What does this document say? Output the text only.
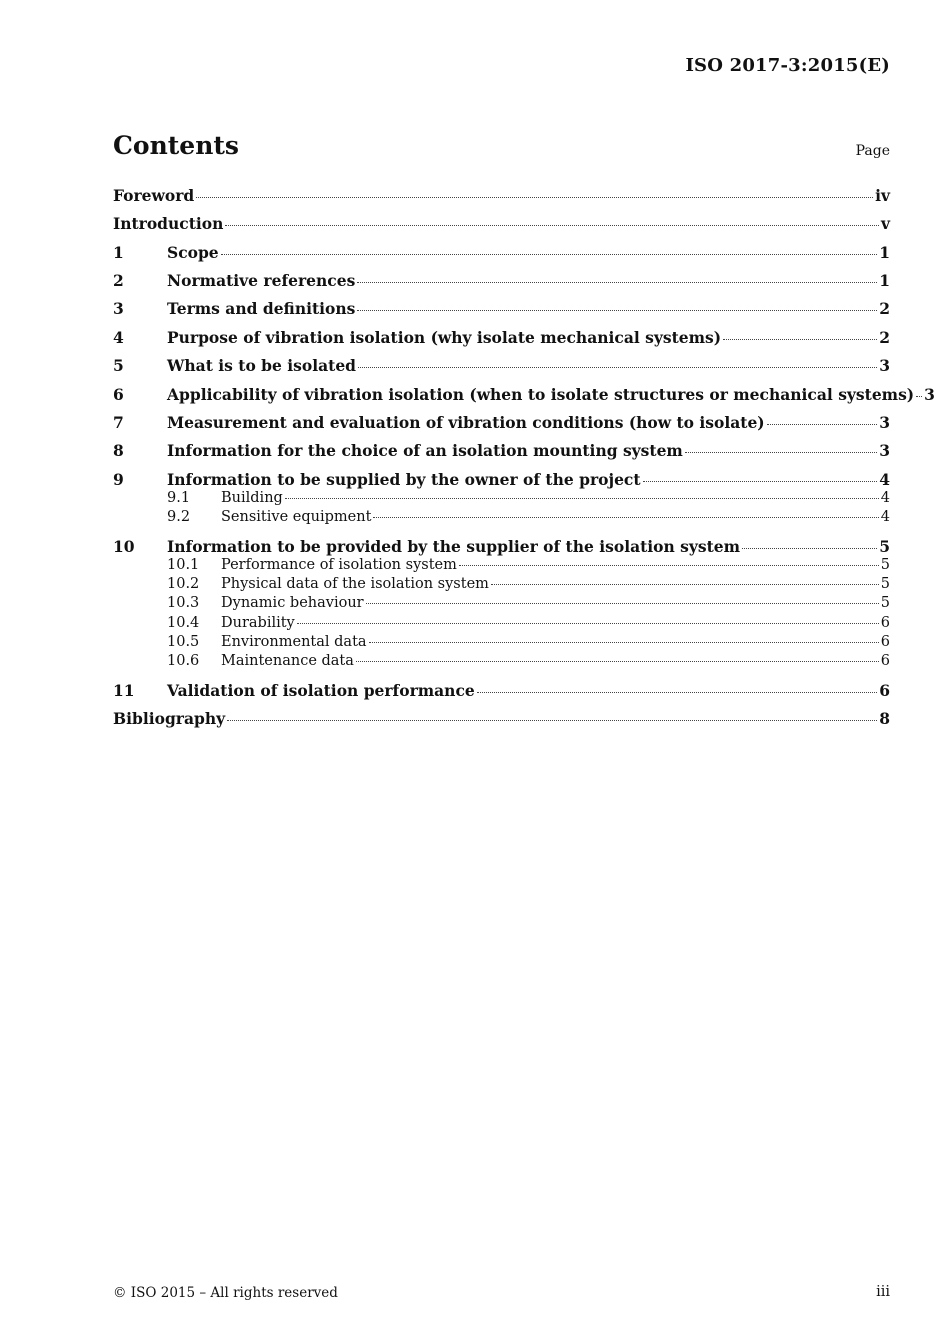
ISO 2017-3:2015(E)
Contents	Page
Foreword	iv
Introduction	v
1	Scope	1
2	Normative references	1
3	Terms and definitions	2
4	Purpose of vibration isolation (why isolate mechanical systems)	2
5	What is to be isolated	3
6	Applicability of vibration isolation (when to isolate structures or mechanical systems) 3
7	Measurement and evaluation of vibration conditions (how to isolate)	3
8	Information for the choice of an isolation mounting system	3
9	Information to be supplied by the owner of the project	4
9.1	Building	4
9.2	Sensitive equipment	4
10	Information to be provided by the supplier of the isolation system	5
10.1	Performance of isolation system	5
10.2	Physical data of the isolation system	5
10.3	Dynamic behaviour	5
10.4	Durability	6
10.5	Environmental data	6
10.6	Maintenance data	6
11	Validation of isolation performance	6
Bibliography	8
© ISO 2015 – All rights reserved	iii
